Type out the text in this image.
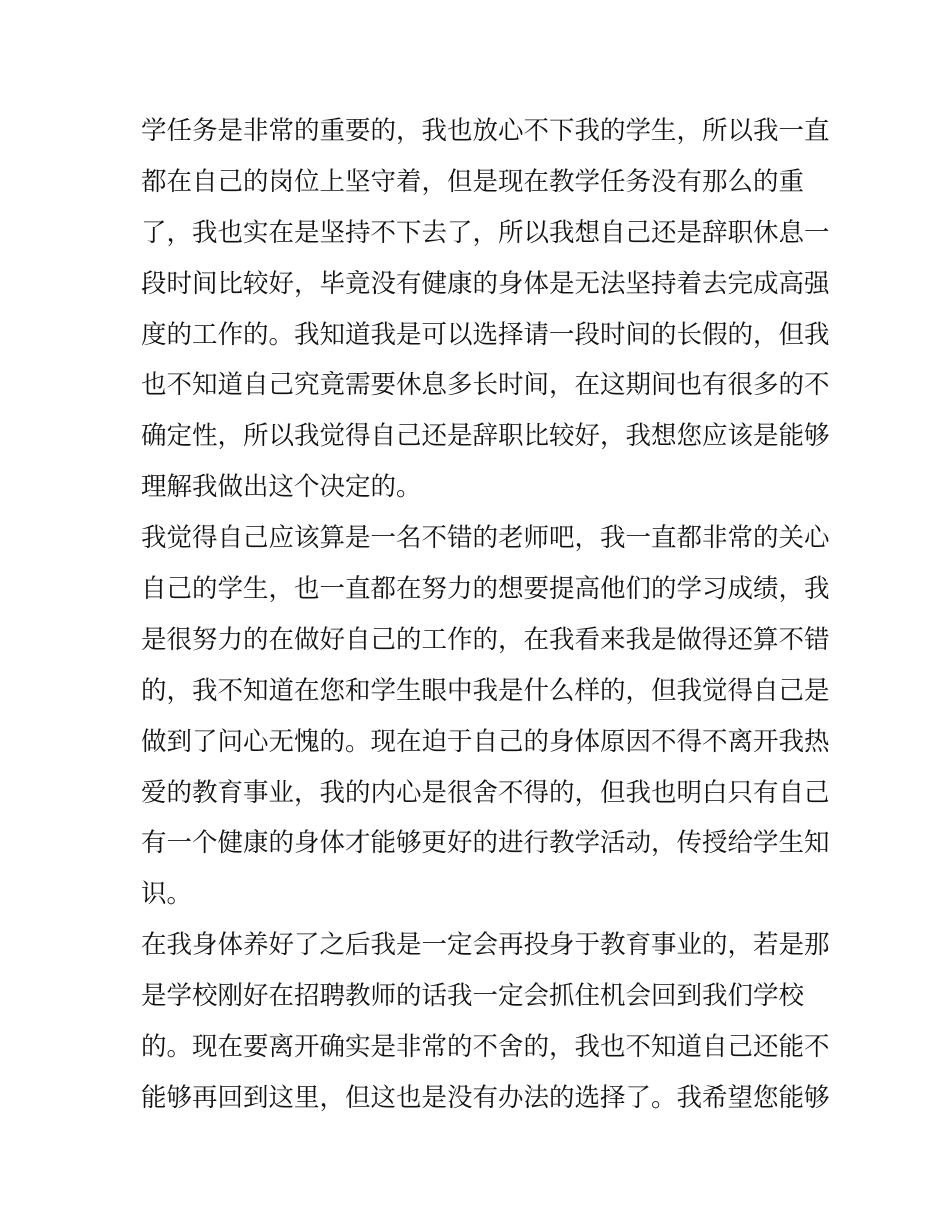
学任务是非常的重要的，我也放心不下我的学生，所以我一直
都在自己的岗位上坚守着，但是现在教学任务没有那么的重
了，我也实在是坚持不下去了，所以我想自己还是辞职休息一
段时间比较好，毕竟没有健康的身体是无法坚持着去完成高强
度的工作的。我知道我是可以选择请一段时间的长假的，但我
也不知道自己究竟需要休息多长时间，在这期间也有很多的不
确定性，所以我觉得自己还是辞职比较好，我想您应该是能够
理解我做出这个决定的。
我觉得自己应该算是一名不错的老师吧，我一直都非常的关心
自己的学生，也一直都在努力的想要提高他们的学习成绩，我
是很努力的在做好自己的工作的，在我看来我是做得还算不错
的，我不知道在您和学生眼中我是什么样的，但我觉得自己是
做到了问心无愧的。现在迫于自己的身体原因不得不离开我热
爱的教育事业，我的内心是很舍不得的，但我也明白只有自己
有一个健康的身体才能够更好的进行教学活动，传授给学生知
识。
在我身体养好了之后我是一定会再投身于教育事业的，若是那
是学校刚好在招聘教师的话我一定会抓住机会回到我们学校
的。现在要离开确实是非常的不舍的，我也不知道自己还能不
能够再回到这里，但这也是没有办法的选择了。我希望您能够
